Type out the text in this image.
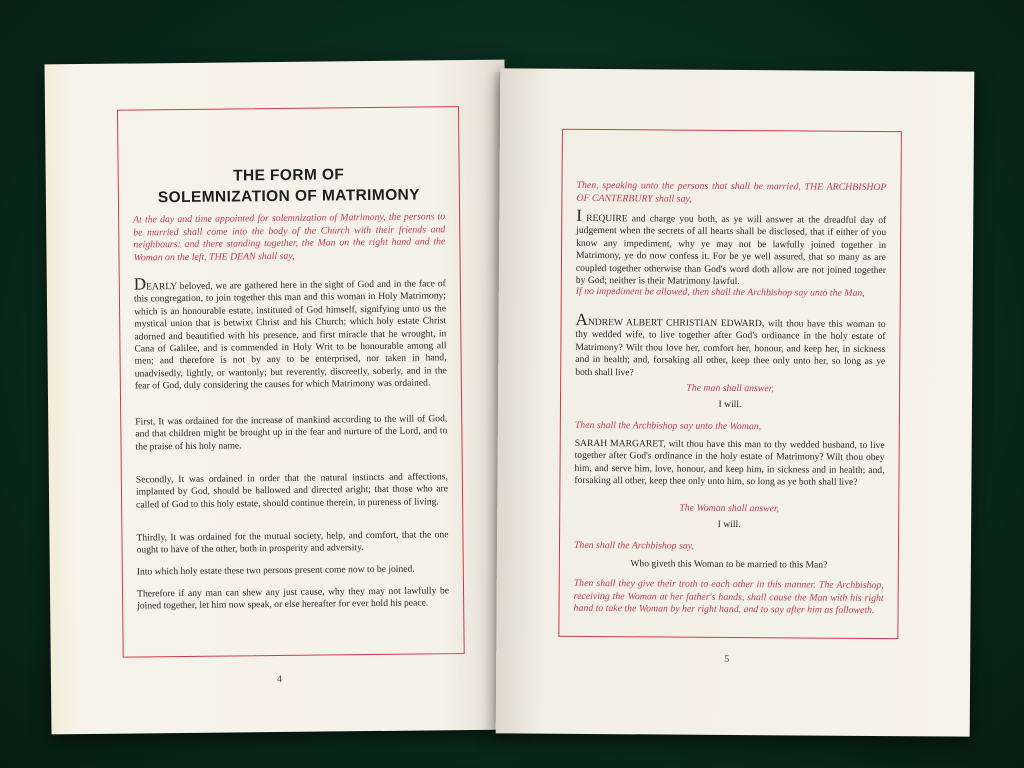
THE FORM OF

SOLEMNIZATION OF MATRIMONY

At the day and time appointed for solemnization of Matrimony, the persons to be married shall come into the body of the Church with their friends and neighbours: and there standing together, the Man on the right hand and the Woman on the left, THE DEAN shall say,

DEARLY beloved, we are gathered here in the sight of God and in the face of this congregation, to join together this man and this woman in Holy Matrimony; which is an honourable estate, instituted of God himself, signifying unto us the mystical union that is betwixt Christ and his Church; which holy estate Christ adorned and beautified with his presence, and first miracle that he wrought, in Cana of Galilee, and is commended in Holy Writ to be honourable among all men; and therefore is not by any to be enterprised, nor taken in hand, unadvisedly, lightly, or wantonly; but reverently, discreetly, soberly, and in the fear of God, duly considering the causes for which Matrimony was ordained.

First, It was ordained for the increase of mankind according to the will of God, and that children might be brought up in the fear and nurture of the Lord, and to the praise of his holy name.

Secondly, It was ordained in order that the natural instincts and affections, implanted by God, should be hallowed and directed aright; that those who are called of God to this holy estate, should continue therein, in pureness of living.

Thirdly, It was ordained for the mutual society, help, and comfort, that the one ought to have of the other, both in prosperity and adversity.

Into which holy estate these two persons present come now to be joined.

Therefore if any man can shew any just cause, why they may not lawfully be joined together, let him now speak, or else hereafter for ever hold his peace.

4

Then, speaking unto the persons that shall be married, THE ARCHBISHOP OF CANTERBURY shall say,

I REQUIRE and charge you both, as ye will answer at the dreadful day of judgement when the secrets of all hearts shall be disclosed, that if either of you know any impediment, why ye may not be lawfully joined together in Matrimony, ye do now confess it. For be ye well assured, that so many as are coupled together otherwise than God's word doth allow are not joined together by God; neither is their Matrimony lawful.

If no impediment be allowed, then shall the Archbishop say unto the Man,

ANDREW ALBERT CHRISTIAN EDWARD, wilt thou have this woman to thy wedded wife, to live together after God's ordinance in the holy estate of Matrimony? Wilt thou love her, comfort her, honour, and keep her, in sickness and in health; and, forsaking all other, keep thee only unto her, so long as ye both shall live?

The man shall answer,

I will.

Then shall the Archbishop say unto the Woman,

SARAH MARGARET, wilt thou have this man to thy wedded husband, to live together after God's ordinance in the holy estate of Matrimony? Wilt thou obey him, and serve him, love, honour, and keep him, in sickness and in health; and, forsaking all other, keep thee only unto him, so long as ye both shall live?

The Woman shall answer,

I will.

Then shall the Archbishop say,

Who giveth this Woman to be married to this Man?

Then shall they give their troth to each other in this manner. The Archbishop, receiving the Woman at her father's hands, shall cause the Man with his right hand to take the Woman by her right hand, and to say after him as followeth.

5
